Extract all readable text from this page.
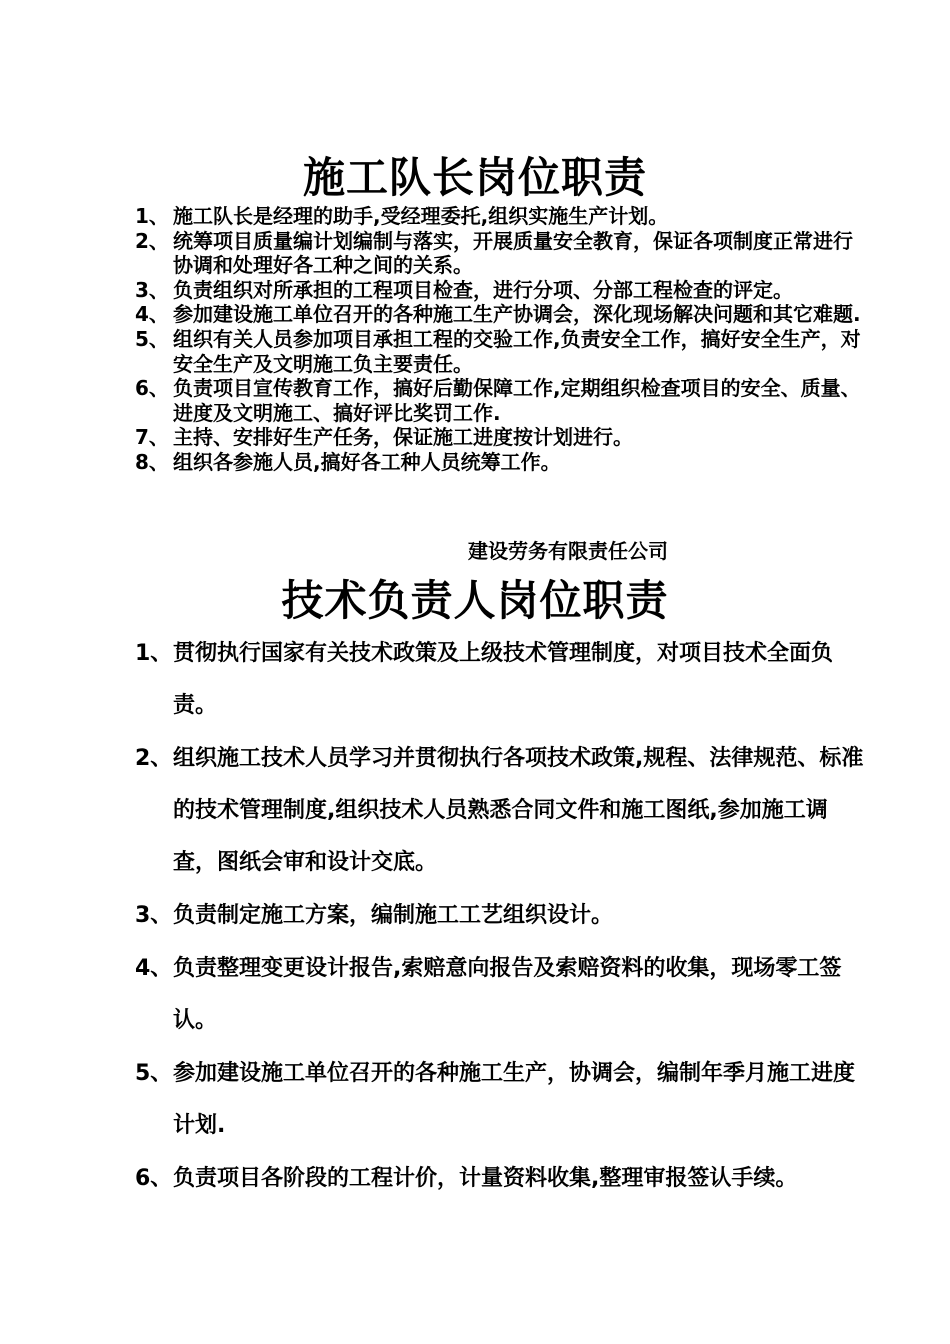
施工队长岗位职责
1、 施工队长是经理的助手,受经理委托,组织实施生产计划。
2、 统筹项目质量编计划编制与落实，开展质量安全教育，保证各项制度正常进行协调和处理好各工种之间的关系。
3、 负责组织对所承担的工程项目检查，进行分项、分部工程检查的评定。
4、 参加建设施工单位召开的各种施工生产协调会，深化现场解决问题和其它难题.
5、 组织有关人员参加项目承担工程的交验工作,负责安全工作，搞好安全生产，对安全生产及文明施工负主要责任。
6、 负责项目宣传教育工作，搞好后勤保障工作,定期组织检查项目的安全、质量、进度及文明施工、搞好评比奖罚工作.
7、 主持、安排好生产任务，保证施工进度按计划进行。
8、 组织各参施人员,搞好各工种人员统筹工作。
建设劳务有限责任公司
技术负责人岗位职责
1、 贯彻执行国家有关技术政策及上级技术管理制度，对项目技术全面负责。
2、 组织施工技术人员学习并贯彻执行各项技术政策,规程、法律规范、标准的技术管理制度,组织技术人员熟悉合同文件和施工图纸,参加施工调查，图纸会审和设计交底。
3、 负责制定施工方案，编制施工工艺组织设计。
4、 负责整理变更设计报告,索赔意向报告及索赔资料的收集，现场零工签认。
5、 参加建设施工单位召开的各种施工生产，协调会，编制年季月施工进度计划.
6、 负责项目各阶段的工程计价，计量资料收集,整理审报签认手续。
